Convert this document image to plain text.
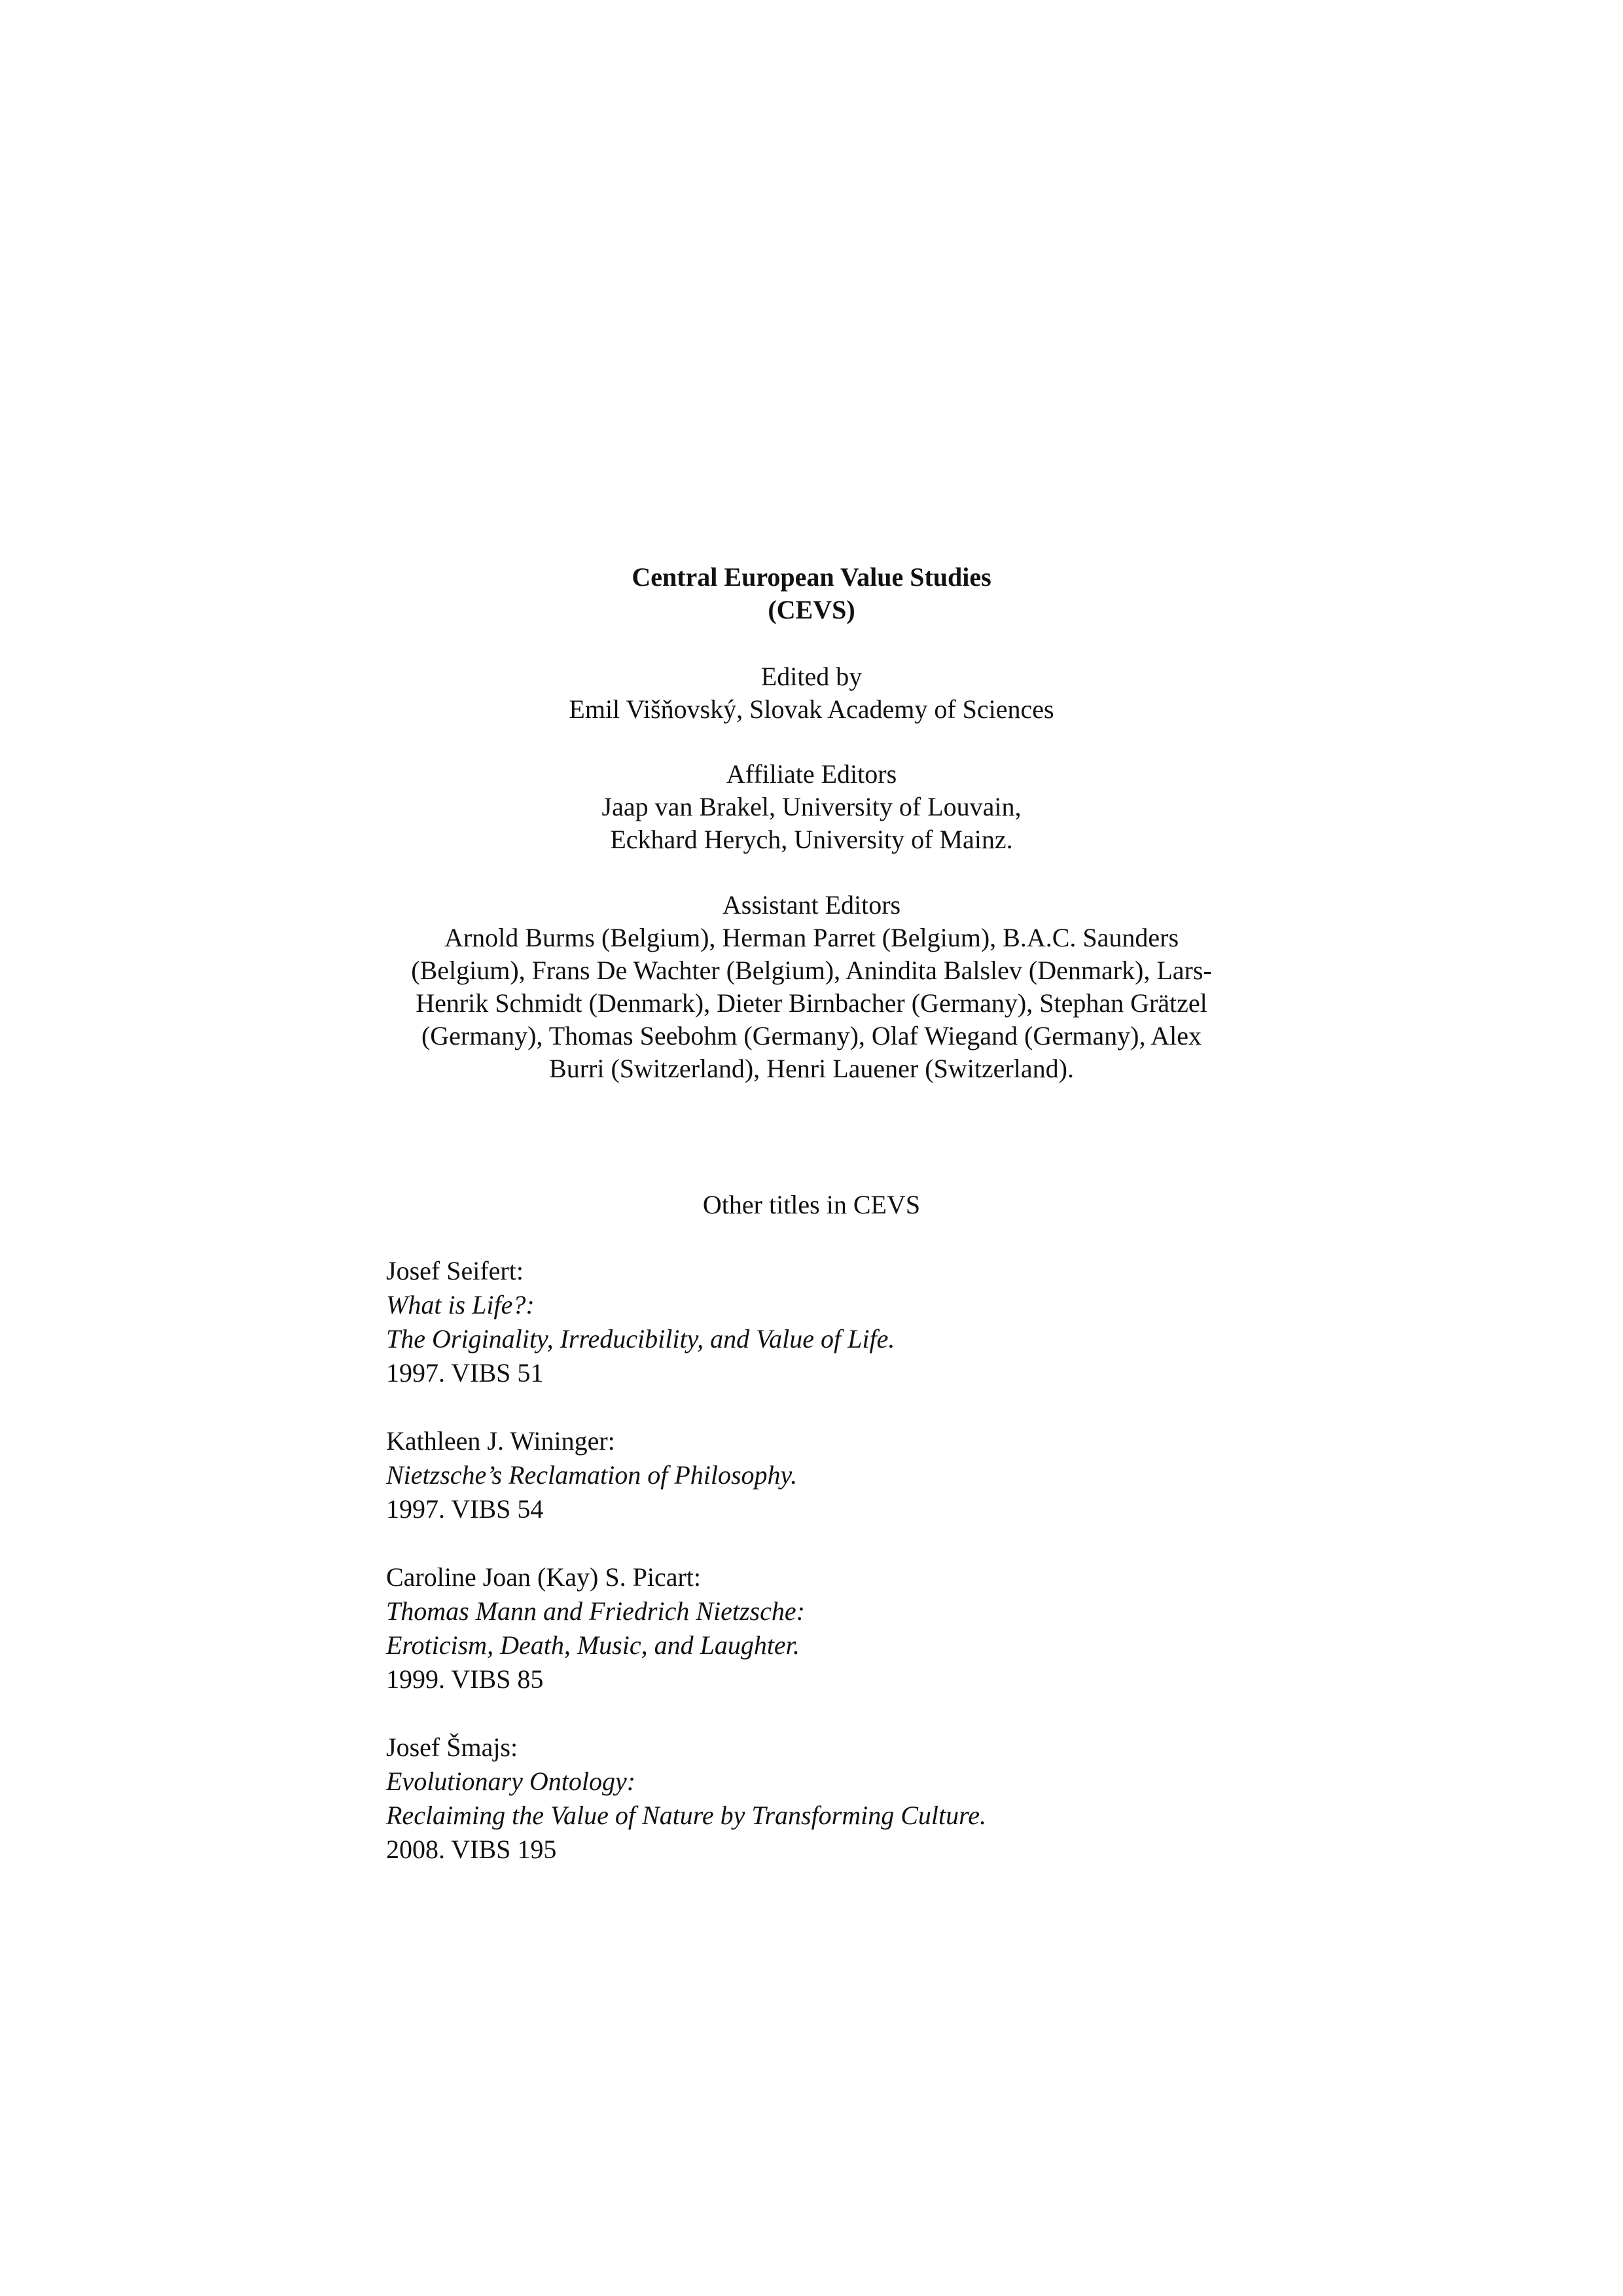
Central European Value Studies
(CEVS)
Edited by
Emil Višňovský, Slovak Academy of Sciences
Affiliate Editors
Jaap van Brakel, University of Louvain,
Eckhard Herych, University of Mainz.
Assistant Editors
Arnold Burms (Belgium), Herman Parret (Belgium), B.A.C. Saunders
(Belgium), Frans De Wachter (Belgium), Anindita Balslev (Denmark), Lars-
Henrik Schmidt (Denmark), Dieter Birnbacher (Germany), Stephan Grätzel
(Germany), Thomas Seebohm (Germany), Olaf Wiegand (Germany), Alex
Burri (Switzerland), Henri Lauener (Switzerland).
Other titles in CEVS
Josef Seifert:
What is Life?:
The Originality, Irreducibility, and Value of Life.
1997. VIBS 51
Kathleen J. Wininger:
Nietzsche’s Reclamation of Philosophy.
1997. VIBS 54
Caroline Joan (Kay) S. Picart:
Thomas Mann and Friedrich Nietzsche:
Eroticism, Death, Music, and Laughter.
1999. VIBS 85
Josef Šmajs:
Evolutionary Ontology:
Reclaiming the Value of Nature by Transforming Culture.
2008. VIBS 195
